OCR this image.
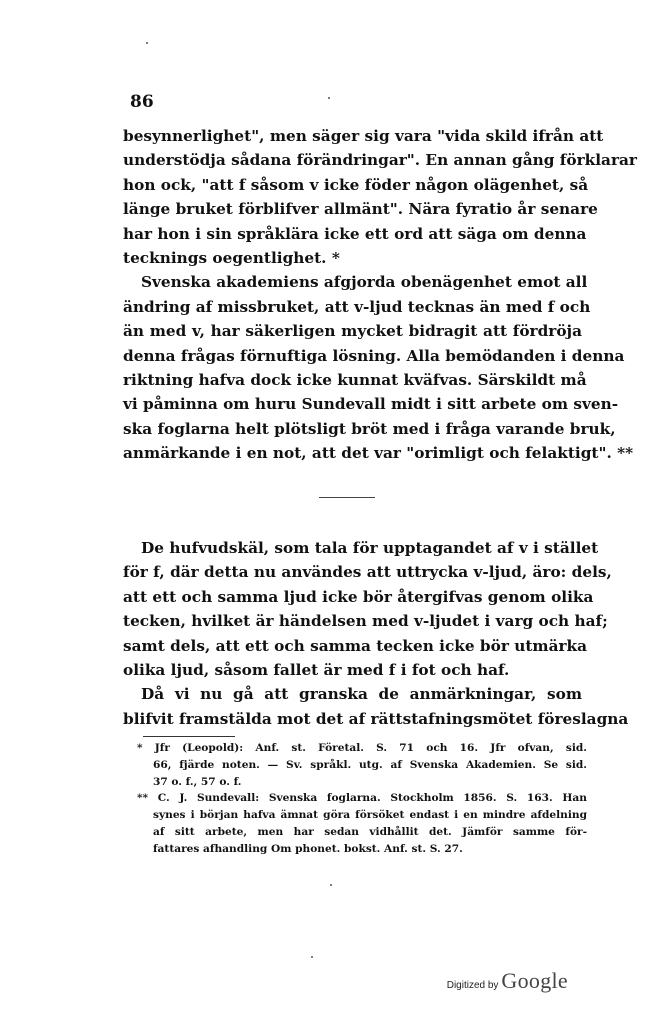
86
besynnerlighet", men säger sig vara "vida skild ifrån att
understödja sådana förändringar". En annan gång förklarar
hon ock, "att f såsom v icke föder någon olägenhet, så
länge bruket förblifver allmänt". Nära fyratio år senare
har hon i sin språklära icke ett ord att säga om denna
tecknings oegentlighet. *
Svenska akademiens afgjorda obenägenhet emot all
ändring af missbruket, att v-ljud tecknas än med f och
än med v, har säkerligen mycket bidragit att fördröja
denna frågas förnuftiga lösning. Alla bemödanden i denna
riktning hafva dock icke kunnat kväfvas. Särskildt må
vi påminna om huru Sundevall midt i sitt arbete om sven-
ska foglarna helt plötsligt bröt med i fråga varande bruk,
anmärkande i en not, att det var "orimligt och felaktigt". **
De hufvudskäl, som tala för upptagandet af v i stället
för f, där detta nu användes att uttrycka v-ljud, äro: dels,
att ett och samma ljud icke bör återgifvas genom olika
tecken, hvilket är händelsen med v-ljudet i varg och haf;
samt dels, att ett och samma tecken icke bör utmärka
olika ljud, såsom fallet är med f i fot och haf.
Då vi nu gå att granska de anmärkningar, som
blifvit framstälda mot det af rättstafningsmötet föreslagna
* Jfr (Leopold): Anf. st. Företal. S. 71 och 16. Jfr ofvan, sid.
66, fjärde noten. — Sv. språkl. utg. af Svenska Akademien. Se sid.
37 o. f., 57 o. f.
** C. J. Sundevall: Svenska foglarna. Stockholm 1856. S. 163. Han
synes i början hafva ämnat göra försöket endast i en mindre afdelning
af sitt arbete, men har sedan vidhållit det. Jämför samme för-
fattares afhandling Om phonet. bokst. Anf. st. S. 27.
Digitized by Google
